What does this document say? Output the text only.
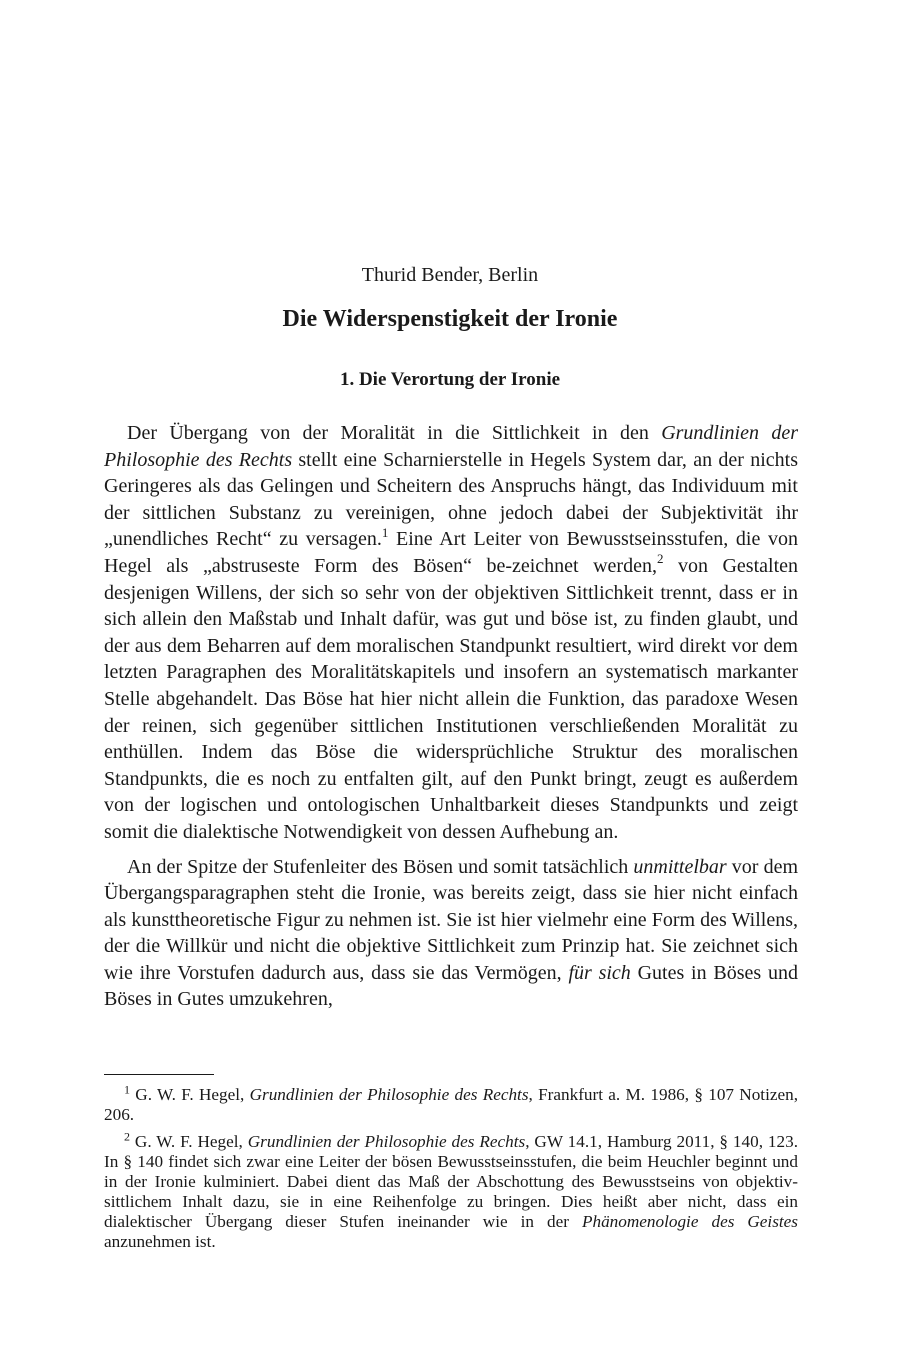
Thurid Bender, Berlin
Die Widerspenstigkeit der Ironie
1. Die Verortung der Ironie

Der Übergang von der Moralität in die Sittlichkeit in den Grundlinien der Philosophie des Rechts stellt eine Scharnierstelle in Hegels System dar, an der nichts Geringeres als das Gelingen und Scheitern des Anspruchs hängt, das Individuum mit der sittlichen Substanz zu vereinigen, ohne jedoch dabei der Subjektivität ihr „unendliches Recht“ zu versagen.$^1$ Eine Art Leiter von Bewusstseinsstufen, die von Hegel als „abstruseste Form des Bösen“ be-zeichnet werden,$^2$ von Gestalten desjenigen Willens, der sich so sehr von der objektiven Sittlichkeit trennt, dass er in sich allein den Maßstab und Inhalt dafür, was gut und böse ist, zu finden glaubt, und der aus dem Beharren auf dem moralischen Standpunkt resultiert, wird direkt vor dem letzten Paragraphen des Moralitätskapitels und insofern an systematisch markanter Stelle abgehandelt. Das Böse hat hier nicht allein die Funktion, das paradoxe Wesen der reinen, sich gegenüber sittlichen Institutionen verschließenden Moralität zu enthüllen. Indem das Böse die widersprüchliche Struktur des moralischen Standpunkts, die es noch zu entfalten gilt, auf den Punkt bringt, zeugt es außerdem von der logischen und ontologischen Unhaltbarkeit dieses Standpunkts und zeigt somit die dialektische Notwendigkeit von dessen Aufhebung an.

An der Spitze der Stufenleiter des Bösen und somit tatsächlich unmittelbar vor dem Übergangsparagraphen steht die Ironie, was bereits zeigt, dass sie hier nicht einfach als kunsttheoretische Figur zu nehmen ist. Sie ist hier vielmehr eine Form des Willens, der die Willkür und nicht die objektive Sittlichkeit zum Prinzip hat. Sie zeichnet sich wie ihre Vorstufen dadurch aus, dass sie das Vermögen, für sich Gutes in Böses und Böses in Gutes umzukehren,

$^1$ G. W. F. Hegel, Grundlinien der Philosophie des Rechts, Frankfurt a. M. 1986, § 107 Notizen, 206.

$^2$ G. W. F. Hegel, Grundlinien der Philosophie des Rechts, GW 14.1, Hamburg 2011, § 140, 123. In § 140 findet sich zwar eine Leiter der bösen Bewusstseinsstufen, die beim Heuchler beginnt und in der Ironie kulminiert. Dabei dient das Maß der Abschottung des Bewusstseins von objektiv-sittlichem Inhalt dazu, sie in eine Reihenfolge zu bringen. Dies heißt aber nicht, dass ein dialektischer Übergang dieser Stufen ineinander wie in der Phänomenologie des Geistes anzunehmen ist.
